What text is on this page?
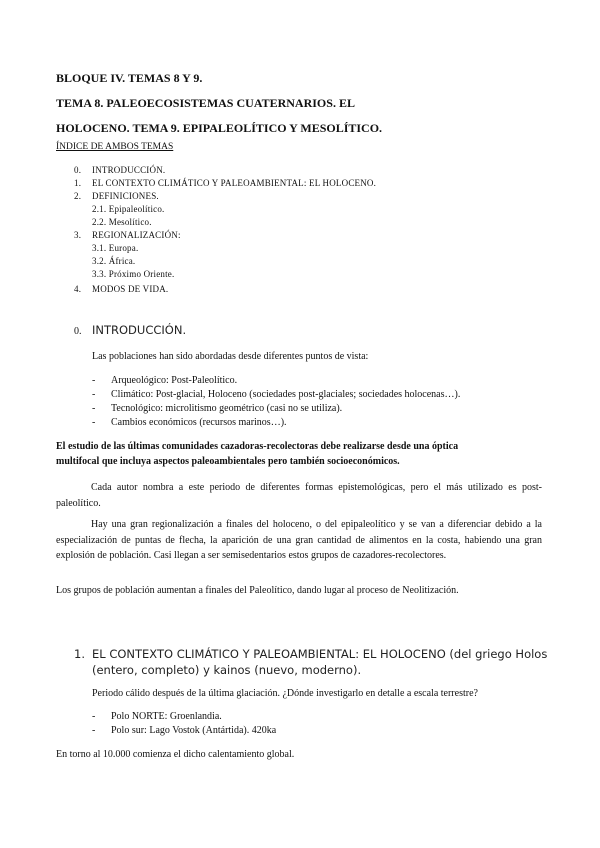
BLOQUE IV. TEMAS 8 Y 9.
TEMA 8. PALEOECOSISTEMAS CUATERNARIOS. EL
HOLOCENO. TEMA 9. EPIPALEOLÍTICO Y MESOLÍTICO.
ÍNDICE DE AMBOS TEMAS
0. INTRODUCCIÓN.
1. EL CONTEXTO CLIMÁTICO Y PALEOAMBIENTAL: EL HOLOCENO.
2. DEFINICIONES.
2.1. Epipaleolítico.
2.2. Mesolítico.
3. REGIONALIZACIÓN:
3.1. Europa.
3.2. África.
3.3. Próximo Oriente.
4. MODOS DE VIDA.
0. INTRODUCCIÓN.
Las poblaciones han sido abordadas desde diferentes puntos de vista:
- Arqueológico: Post-Paleolítico.
- Climático: Post-glacial, Holoceno (sociedades post-glaciales; sociedades holocenas…).
- Tecnológico: microlitismo geométrico (casi no se utiliza).
- Cambios económicos (recursos marinos…).
El estudio de las últimas comunidades cazadoras-recolectoras debe realizarse desde una óptica
multifocal que incluya aspectos paleoambientales pero también socioeconómicos.
Cada autor nombra a este periodo de diferentes formas epistemológicas, pero el más utilizado es post- paleolítico.
Hay una gran regionalización a finales del holoceno, o del epipaleolítico y se van a diferenciar debido a la especialización de puntas de flecha, la aparición de una gran cantidad de alimentos en la costa, habiendo una gran explosión de población. Casi llegan a ser semisedentarios estos grupos de cazadores-recolectores.
Los grupos de población aumentan a finales del Paleolítico, dando lugar al proceso de Neolitización.
1. EL CONTEXTO CLIMÁTICO Y PALEOAMBIENTAL: EL HOLOCENO (del griego Holos
(entero, completo) y kainos (nuevo, moderno).
Periodo cálido después de la última glaciación. ¿Dónde investigarlo en detalle a escala terrestre?
- Polo NORTE: Groenlandia.
- Polo sur: Lago Vostok (Antártida). 420ka
En torno al 10.000 comienza el dicho calentamiento global.
